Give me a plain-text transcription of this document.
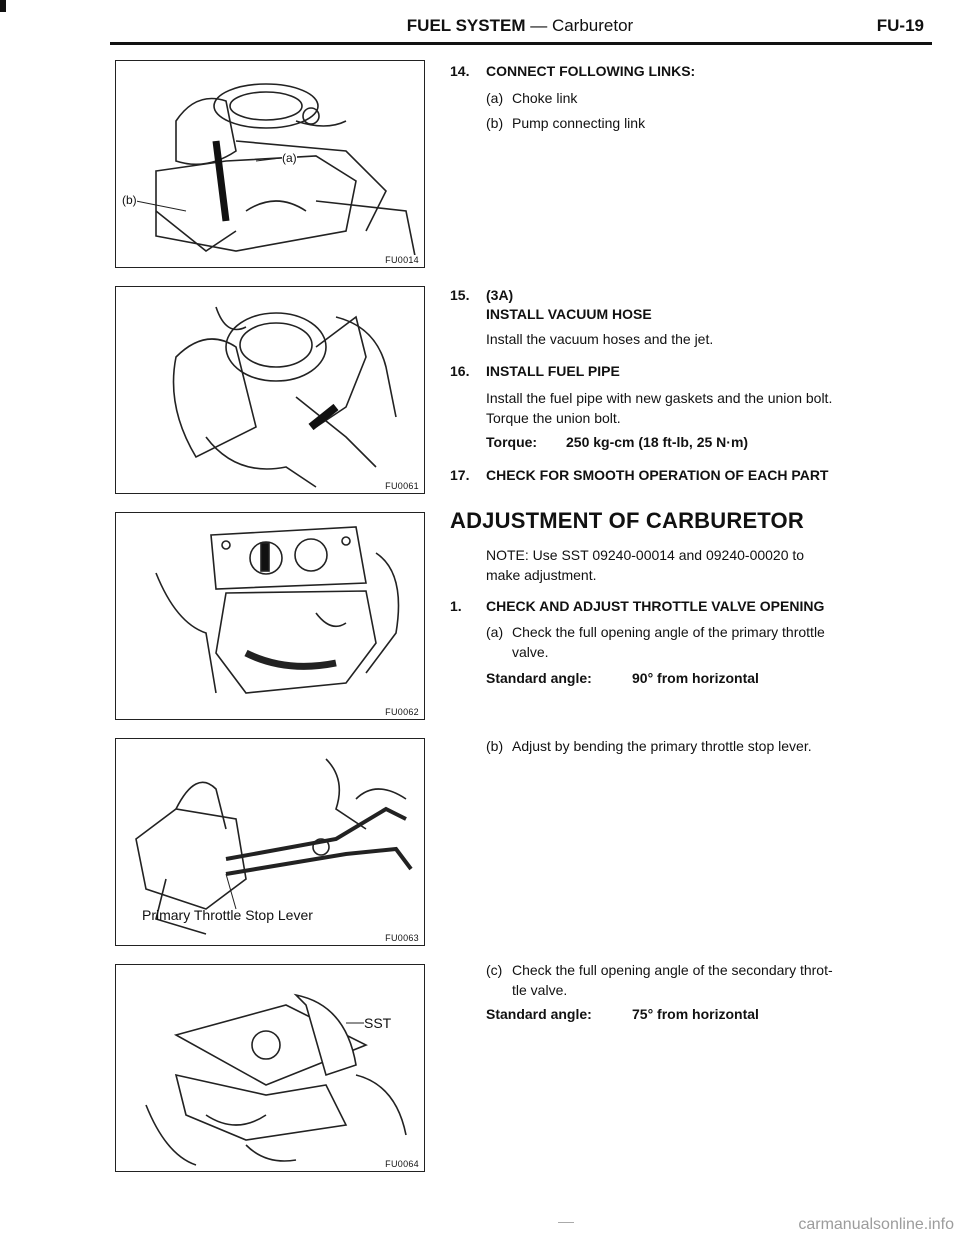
FUEL SYSTEM — Carburetor	FU-19
(a)
(b)
FU0014
FU0061
FU0062
Primary Throttle Stop Lever
FU0063
SST
FU0064
14. CONNECT FOLLOWING LINKS:
(a) Choke link
(b) Pump connecting link
15. (3A)
INSTALL VACUUM HOSE
Install the vacuum hoses and the jet.
16. INSTALL FUEL PIPE
Install the fuel pipe with new gaskets and the union bolt.
Torque the union bolt.
Torque: 250 kg-cm (18 ft-lb, 25 N·m)
17. CHECK FOR SMOOTH OPERATION OF EACH PART
ADJUSTMENT OF CARBURETOR
NOTE: Use SST 09240-00014 and 09240-00020 to
make adjustment.
1. CHECK AND ADJUST THROTTLE VALVE OPENING
(a) Check the full opening angle of the primary throttle
valve.
Standard angle:	90° from horizontal
(b) Adjust by bending the primary throttle stop lever.
(c) Check the full opening angle of the secondary throt-
tle valve.
Standard angle:	75° from horizontal
carmanualsonline.info
